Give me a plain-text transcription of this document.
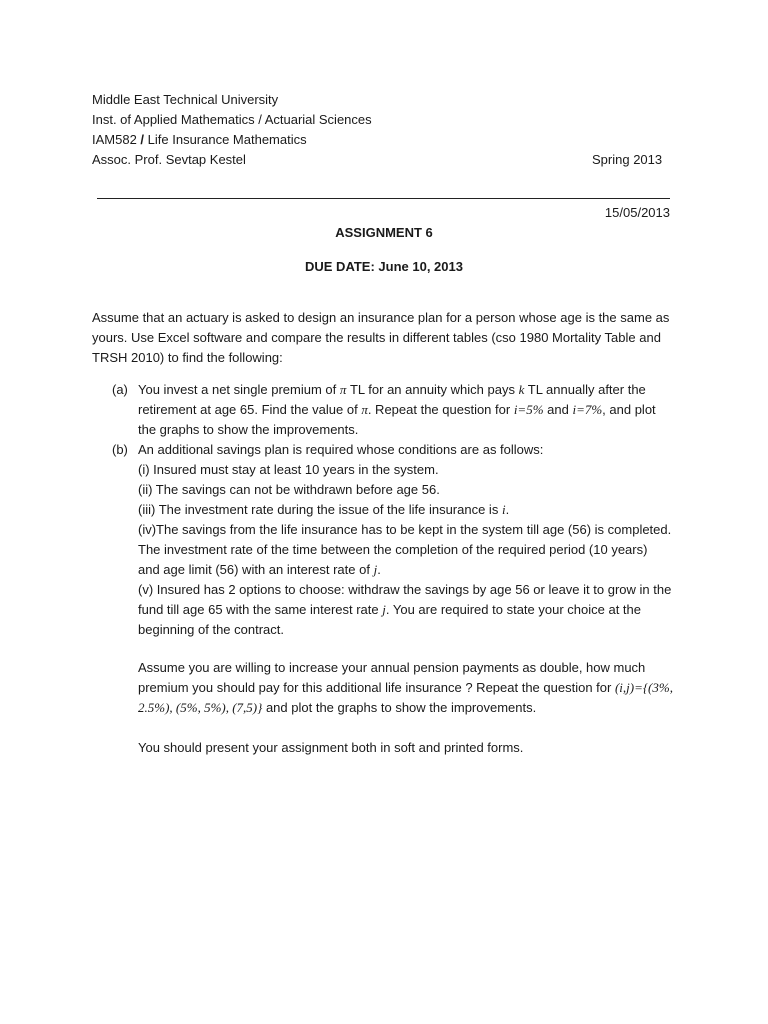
Middle East Technical University
Inst. of Applied Mathematics / Actuarial Sciences
IAM582 / Life Insurance Mathematics
Assoc. Prof. Sevtap Kestel	Spring 2013
15/05/2013
ASSIGNMENT 6
DUE DATE: June 10, 2013
Assume that an actuary is asked to design an insurance plan for a person whose age is the same as
yours. Use Excel software and compare the results in different tables (cso 1980 Mortality Table and
TRSH 2010) to find the following:
(a) You invest a net single premium of π TL for an annuity which pays k TL annually after the
retirement at age 65. Find the value of π. Repeat the question for i=5% and i=7%, and plot
the graphs to show the improvements.
(b) An additional savings plan is required whose conditions are as follows:
(i) Insured must stay at least 10 years in the system.
(ii) The savings can not be withdrawn before age 56.
(iii) The investment rate during the issue of the life insurance is i.
(iv)The savings from the life insurance has to be kept in the system till age (56) is completed.
The investment rate of the time between the completion of the required period (10 years)
and age limit (56) with an interest rate of j.
(v) Insured has 2 options to choose: withdraw the savings by age 56 or leave it to grow in the
fund till age 65 with the same interest rate j. You are required to state your choice at the
beginning of the contract.
Assume you are willing to increase your annual pension payments as double, how much
premium you should pay for this additional life insurance ? Repeat the question for (i,j)={(3%,
2.5%), (5%, 5%), (7,5)} and plot the graphs to show the improvements.
You should present your assignment both in soft and printed forms.
